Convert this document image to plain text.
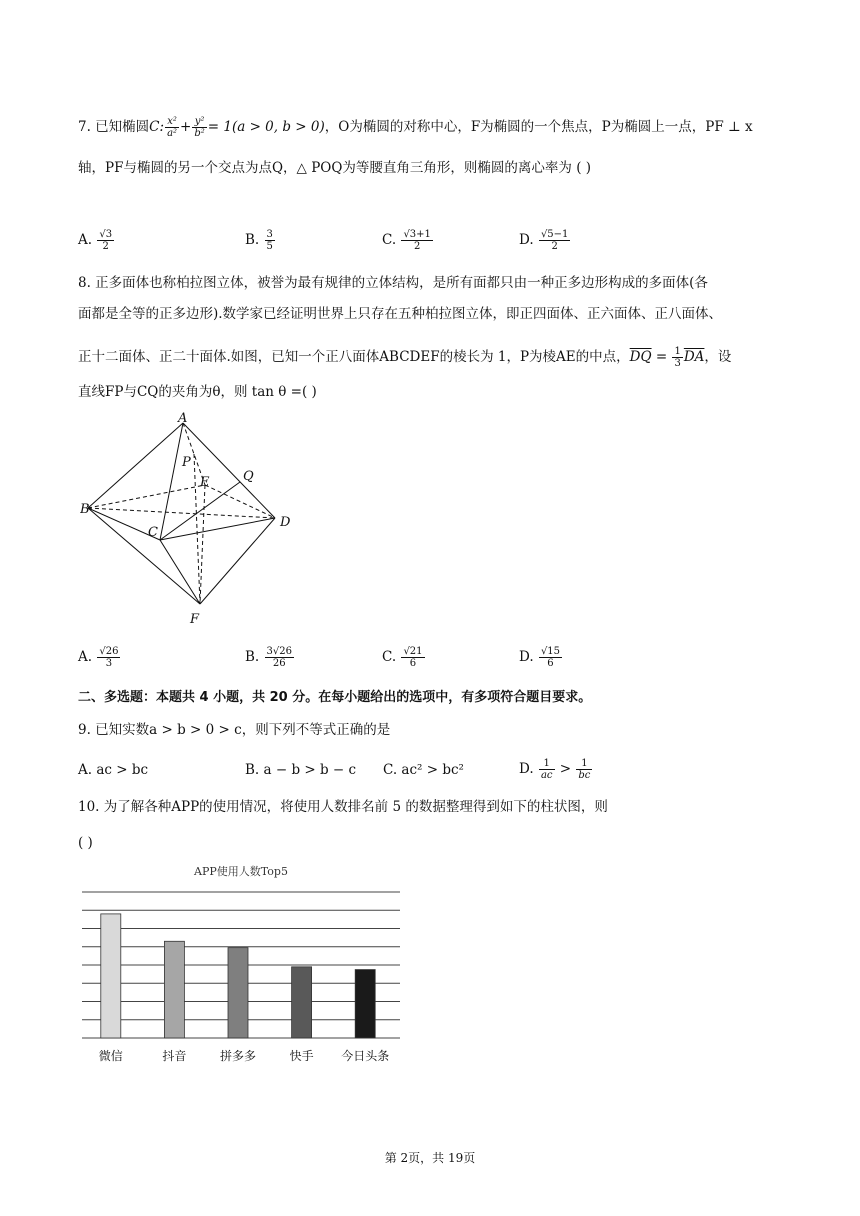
7. 已知椭圆C: $\frac{\text{x²}}{\text{a²}} + \frac{\text{y²}}{\text{b²}} = 1(a > 0$, b > 0)，O为椭圆的对称中心，F为椭圆的一个焦点，P为椭圆上一点，PF ⊥ x
轴，PF与椭圆的另一个交点为点Q，△ POQ为等腰直角三角形，则椭圆的离心率为 ( )
A. $\frac{√3}{2}$	B. $\frac{3}{5}$	C. $\frac{√3+1}{2}$	D. $\frac{√5-1}{2}$
8. 正多面体也称柏拉图立体，被誉为最有规律的立体结构，是所有面都只由一种正多边形构成的多面体(各
面都是全等的正多边形).数学家已经证明世界上只存在五种柏拉图立体，即正四面体、正六面体、正八面体、
正十二面体、正二十面体.如图，已知一个正八面体ABCDEF的棱长为 1，P为棱AE的中点，$\overline{DQ} = \frac{1}{3} \overline{DA}$，设
直线FP与CQ的夹角为θ，则 tan θ =( )
A
B
C
D
E
F
P
Q
A. $\frac{√26}{3}$	B. $\frac{3√26}{26}$	C. $\frac{√21}{6}$	D. $\frac{√15}{6}$
二、多选题：本题共 4 小题，共 20 分。在每小题给出的选项中，有多项符合题目要求。
9. 已知实数a > b > 0 > c，则下列不等式正确的是
A. ac > bc	B. a − b > b − c C. ac² > bc²	D. $\frac{1}{ac} > \frac{1}{bc}$
10. 为了解各种APP的使用情况，将使用人数排名前 5 的数据整理得到如下的柱状图，则
( )
APP使用人数Top5
微信	抖音	拼多多	快手 今日头条
第 2页，共 19页
